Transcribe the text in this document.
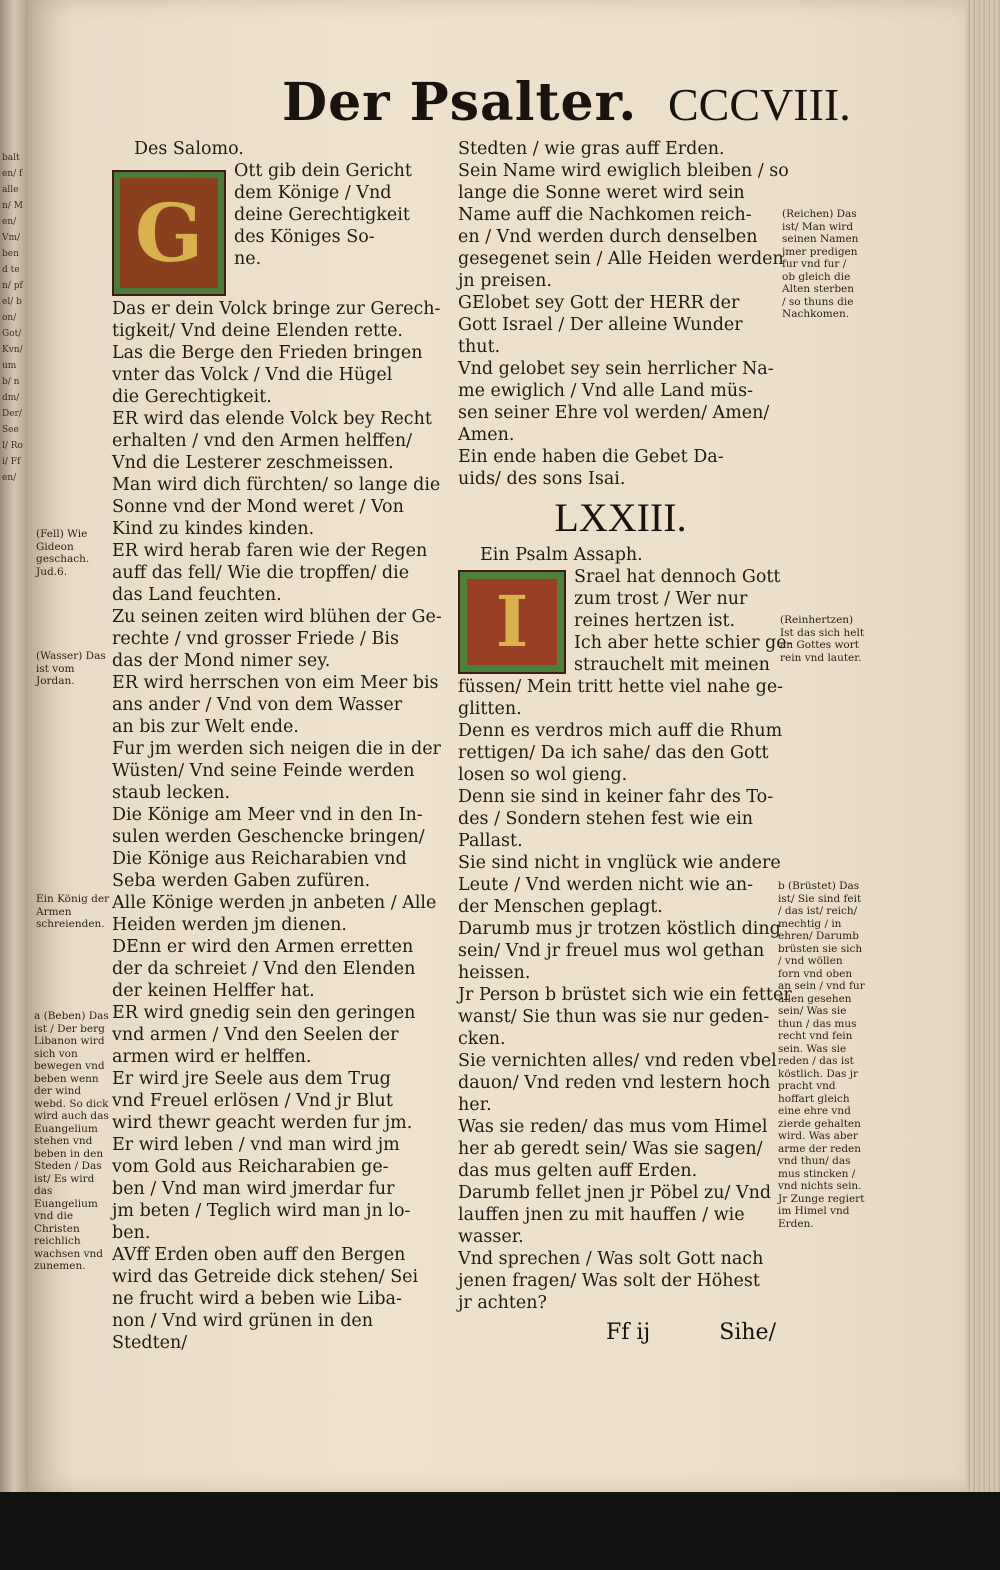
balten/ fallen/ Men/ Vm/ bend ten/ pfel/ bon/ Got/ Kvn/ umb/ ndm/ Der/ Seel/ Roi/ Ffen/
Der Psalter. CCCVIII.
Des Salomo.
G
Ott gib dein Gericht
dem Könige / Vnd
deine Gerechtigkeit
des Königes So-
ne.
Das er dein Volck bringe zur Gerech-
tigkeit/ Vnd deine Elenden rette.
Las die Berge den Frieden bringen
vnter das Volck / Vnd die Hügel
die Gerechtigkeit.
ER wird das elende Volck bey Recht
erhalten / vnd den Armen helffen/
Vnd die Lesterer zeschmeissen.
Man wird dich fürchten/ so lange die
Sonne vnd der Mond weret / Von
Kind zu kindes kinden.
ER wird herab faren wie der Regen
auff das fell/ Wie die tropffen/ die
das Land feuchten.
Zu seinen zeiten wird blühen der Ge-
rechte / vnd grosser Friede / Bis
das der Mond nimer sey.
ER wird herrschen von eim Meer bis
ans ander / Vnd von dem Wasser
an bis zur Welt ende.
Fur jm werden sich neigen die in der
Wüsten/ Vnd seine Feinde werden
staub lecken.
Die Könige am Meer vnd in den In-
sulen werden Geschencke bringen/
Die Könige aus Reicharabien vnd
Seba werden Gaben zufüren.
Alle Könige werden jn anbeten / Alle
Heiden werden jm dienen.
DEnn er wird den Armen erretten
der da schreiet / Vnd den Elenden
der keinen Helffer hat.
ER wird gnedig sein den geringen
vnd armen / Vnd den Seelen der
armen wird er helffen.
Er wird jre Seele aus dem Trug
vnd Freuel erlösen / Vnd jr Blut
wird thewr geacht werden fur jm.
Er wird leben / vnd man wird jm
vom Gold aus Reicharabien ge-
ben / Vnd man wird jmerdar fur
jm beten / Teglich wird man jn lo-
ben.
AVff Erden oben auff den Bergen
wird das Getreide dick stehen/ Sei
ne frucht wird a beben wie Liba-
non / Vnd wird grünen in den
Stedten/
Stedten / wie gras auff Erden.
Sein Name wird ewiglich bleiben / so
lange die Sonne weret wird sein
Name auff die Nachkomen reich-
en / Vnd werden durch denselben
gesegenet sein / Alle Heiden werden
jn preisen.
GElobet sey Gott der HERR der
Gott Israel / Der alleine Wunder
thut.
Vnd gelobet sey sein herrlicher Na-
me ewiglich / Vnd alle Land müs-
sen seiner Ehre vol werden/ Amen/
Amen.
Ein ende haben die Gebet Da-
uids/ des sons Isai.
LXXIII.
Ein Psalm Assaph.
I
Srael hat dennoch Gott
zum trost / Wer nur
reines hertzen ist.
Ich aber hette schier ge-
strauchelt mit meinen
füssen/ Mein tritt hette viel nahe ge-
glitten.
Denn es verdros mich auff die Rhum
rettigen/ Da ich sahe/ das den Gott
losen so wol gieng.
Denn sie sind in keiner fahr des To-
des / Sondern stehen fest wie ein
Pallast.
Sie sind nicht in vnglück wie andere
Leute / Vnd werden nicht wie an-
der Menschen geplagt.
Darumb mus jr trotzen köstlich ding
sein/ Vnd jr freuel mus wol gethan
heissen.
Jr Person b brüstet sich wie ein fetter
wanst/ Sie thun was sie nur geden-
cken.
Sie vernichten alles/ vnd reden vbel
dauon/ Vnd reden vnd lestern hoch
her.
Was sie reden/ das mus vom Himel
her ab geredt sein/ Was sie sagen/
das mus gelten auff Erden.
Darumb fellet jnen jr Pöbel zu/ Vnd
lauffen jnen zu mit hauffen / wie
wasser.
Vnd sprechen / Was solt Gott nach
jenen fragen/ Was solt der Höhest
jr achten?
(Fell) Wie Gideon geschach. Jud.6.
(Wasser) Das ist vom Jordan.
Ein König der Armen schreienden.
a (Beben) Das ist / Der berg Libanon wird sich von bewegen vnd beben wenn der wind webd. So dick wird auch das Euangelium stehen vnd beben in den Steden / Das ist/ Es wird das Euangelium vnd die Christen reichlich wachsen vnd zunemen.
(Reichen) Das ist/ Man wird seinen Namen jmer predigen fur vnd fur / ob gleich die Alten sterben / so thuns die Nachkomen.
(Reinhertzen) Ist das sich helt an Gottes wort rein vnd lauter.
b (Brüstet) Das ist/ Sie sind feit / das ist/ reich/ mechtig / in ehren/ Darumb brüsten sie sich / vnd wöllen forn vnd oben an sein / vnd fur allen gesehen sein/ Was sie thun / das mus recht vnd fein sein. Was sie reden / das ist köstlich. Das jr pracht vnd hoffart gleich eine ehre vnd zierde gehalten wird. Was aber arme der reden vnd thun/ das mus stincken / vnd nichts sein. Jr Zunge regiert im Himel vnd Erden.
Ff ij	Sihe/
